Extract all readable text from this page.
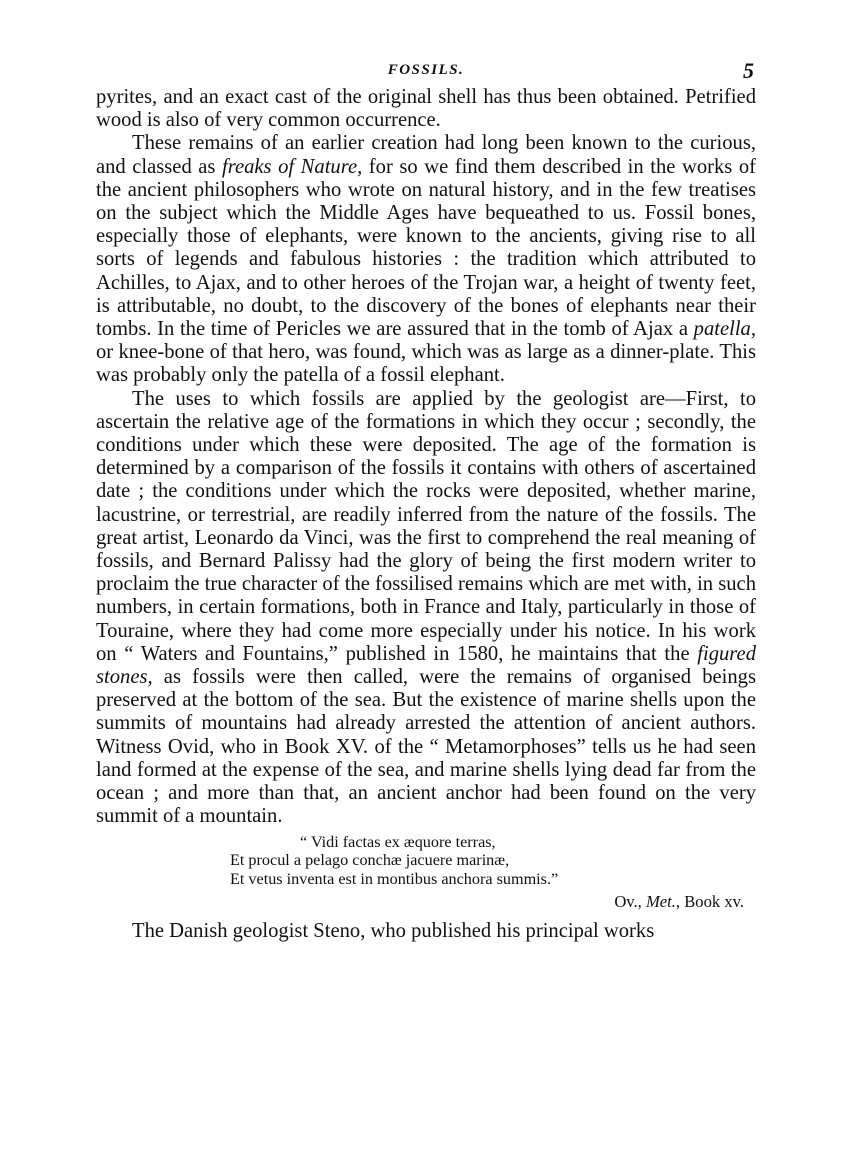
FOSSILS.	5

pyrites, and an exact cast of the original shell has thus been obtained. Petrified wood is also of very common occurrence.

These remains of an earlier creation had long been known to the curious, and classed as freaks of Nature, for so we find them described in the works of the ancient philosophers who wrote on natural history, and in the few treatises on the subject which the Middle Ages have bequeathed to us. Fossil bones, especially those of elephants, were known to the ancients, giving rise to all sorts of legends and fabulous histories : the tradition which attributed to Achilles, to Ajax, and to other heroes of the Trojan war, a height of twenty feet, is attributable, no doubt, to the discovery of the bones of elephants near their tombs. In the time of Pericles we are assured that in the tomb of Ajax a patella, or knee-bone of that hero, was found, which was as large as a dinner-plate. This was probably only the patella of a fossil elephant.

The uses to which fossils are applied by the geologist are—First, to ascertain the relative age of the formations in which they occur ; secondly, the conditions under which these were deposited. The age of the formation is determined by a comparison of the fossils it contains with others of ascertained date ; the conditions under which the rocks were deposited, whether marine, lacustrine, or terrestrial, are readily inferred from the nature of the fossils. The great artist, Leonardo da Vinci, was the first to comprehend the real meaning of fossils, and Bernard Palissy had the glory of being the first modern writer to proclaim the true character of the fossilised remains which are met with, in such numbers, in certain formations, both in France and Italy, particularly in those of Touraine, where they had come more especially under his notice. In his work on “ Waters and Fountains,” published in 1580, he maintains that the figured stones, as fossils were then called, were the remains of organised beings preserved at the bottom of the sea. But the existence of marine shells upon the summits of mountains had already arrested the attention of ancient authors. Witness Ovid, who in Book XV. of the “ Metamorphoses” tells us he had seen land formed at the expense of the sea, and marine shells lying dead far from the ocean ; and more than that, an ancient anchor had been found on the very summit of a mountain.

“ Vidi factas ex æquore terras,
Et procul a pelago conchæ jacuere marinæ,
Et vetus inventa est in montibus anchora summis.”
Ov., Met., Book xv.

The Danish geologist Steno, who published his principal works
